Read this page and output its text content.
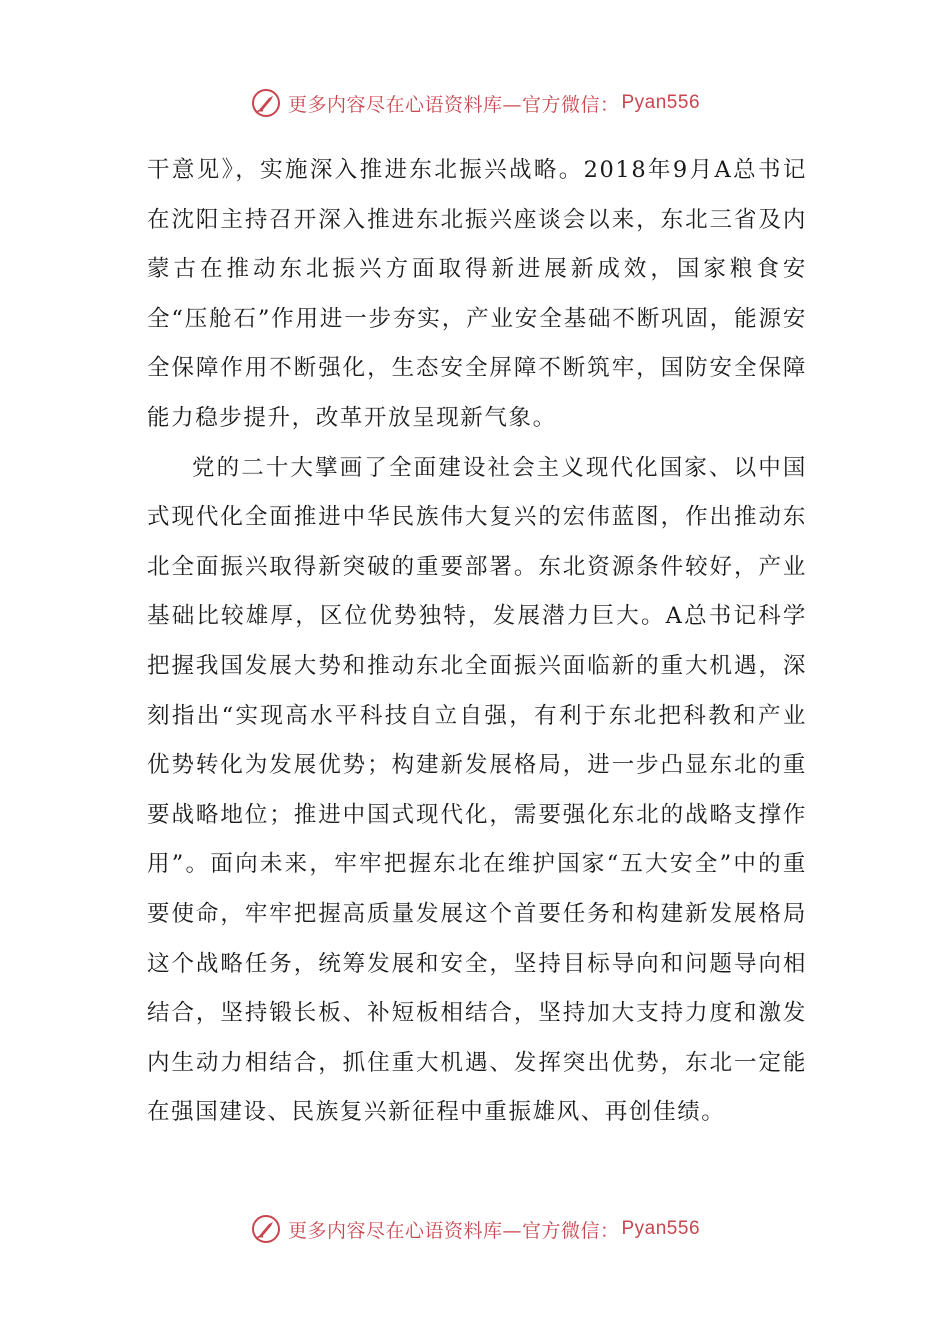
更多内容尽在心语资料库—官方微信： Pyan556

干意见》，实施深入推进东北振兴战略。2018年9月A总书记在沈阳主持召开深入推进东北振兴座谈会以来，东北三省及内蒙古在推动东北振兴方面取得新进展新成效，国家粮食安全“压舱石”作用进一步夯实，产业安全基础不断巩固，能源安全保障作用不断强化，生态安全屏障不断筑牢，国防安全保障能力稳步提升，改革开放呈现新气象。

党的二十大擘画了全面建设社会主义现代化国家、以中国式现代化全面推进中华民族伟大复兴的宏伟蓝图，作出推动东北全面振兴取得新突破的重要部署。东北资源条件较好，产业基础比较雄厚，区位优势独特，发展潜力巨大。A总书记科学把握我国发展大势和推动东北全面振兴面临新的重大机遇，深刻指出“实现高水平科技自立自强，有利于东北把科教和产业优势转化为发展优势；构建新发展格局，进一步凸显东北的重要战略地位；推进中国式现代化，需要强化东北的战略支撑作用”。面向未来，牢牢把握东北在维护国家“五大安全”中的重要使命，牢牢把握高质量发展这个首要任务和构建新发展格局这个战略任务，统筹发展和安全，坚持目标导向和问题导向相结合，坚持锻长板、补短板相结合，坚持加大支持力度和激发内生动力相结合，抓住重大机遇、发挥突出优势，东北一定能在强国建设、民族复兴新征程中重振雄风、再创佳绩。

更多内容尽在心语资料库—官方微信： Pyan556
